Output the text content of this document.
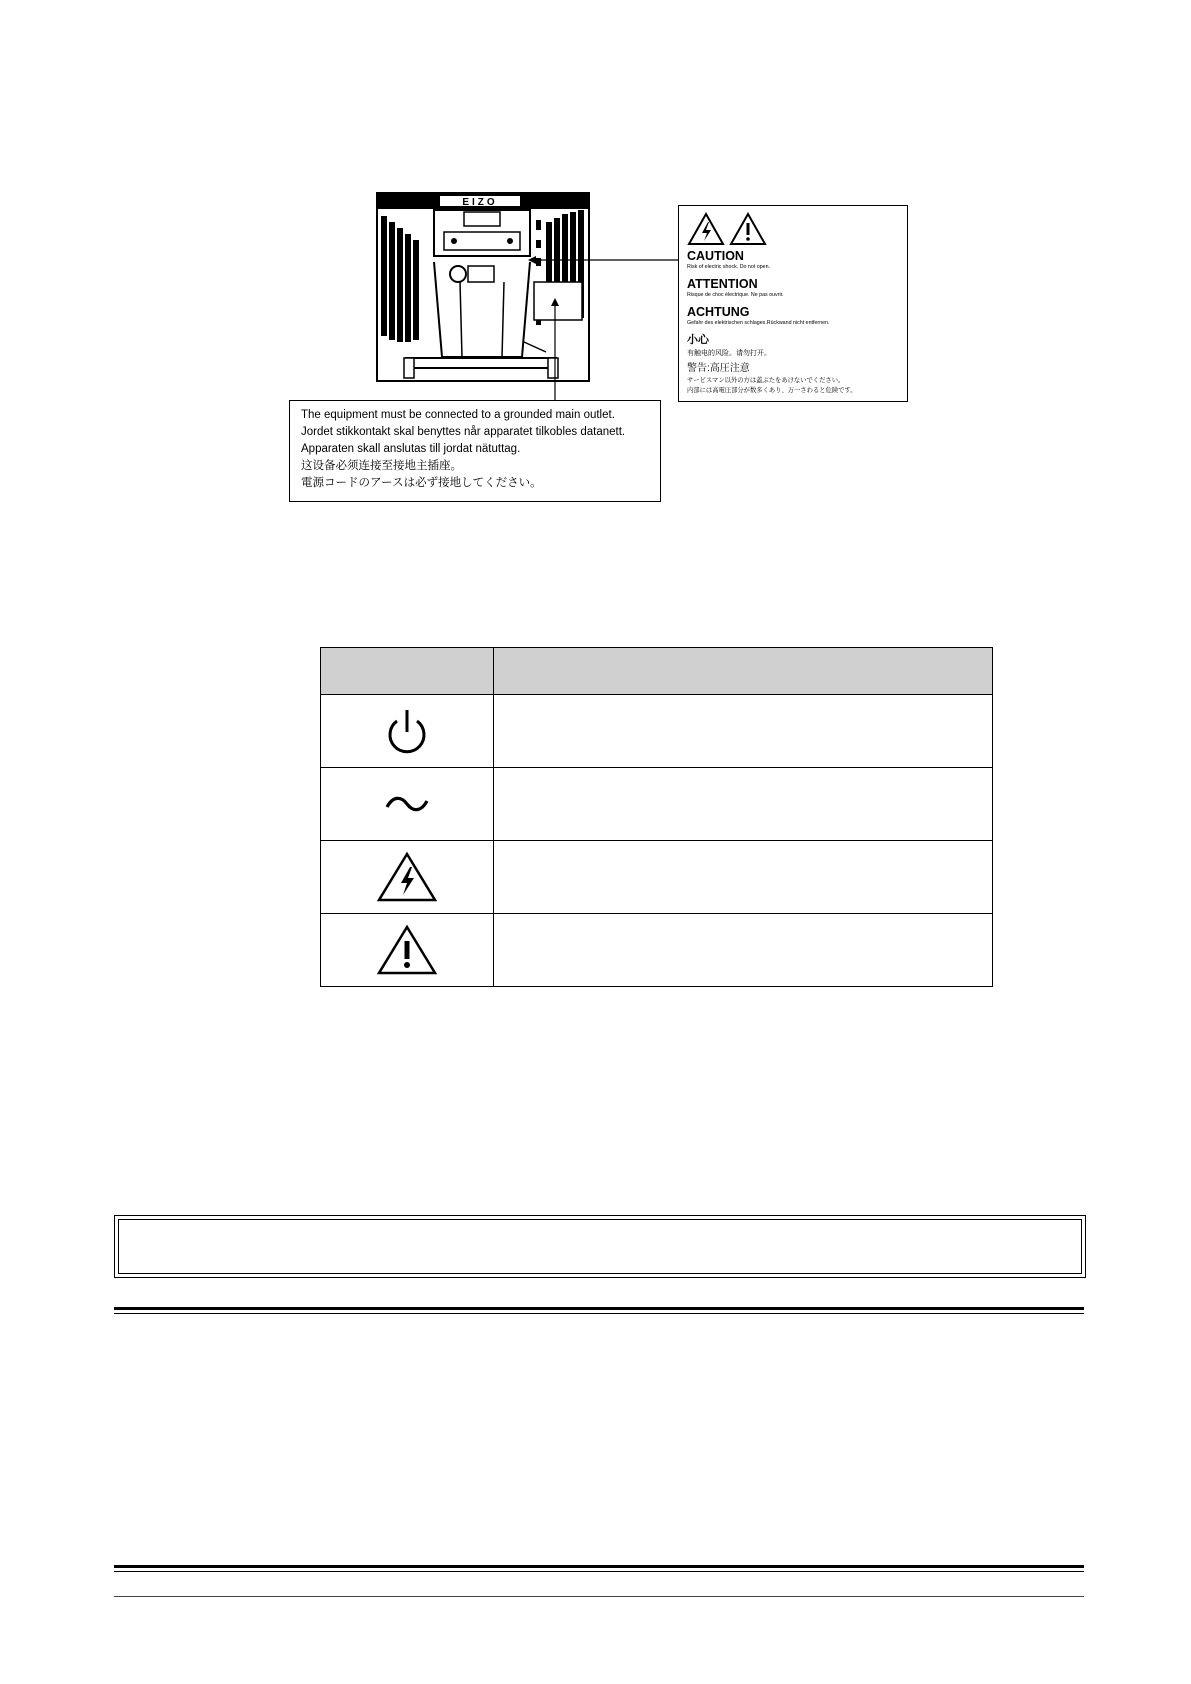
EIZO
CAUTION
Risk of electric shock. Do not open.
ATTENTION
Risque de choc électrique. Ne pas ouvrir.
ACHTUNG
Gefahr des elektrischen schlages.Rückwand nicht entfernen.
小心
有触电的风险。请勿打开。
警告:高圧注意
サービスマン以外の方は蓋ぶたをあけないでください。
内部には高電圧部分が数多くあり、万一さわると危険です。
The equipment must be connected to a grounded main outlet.
Jordet stikkontakt skal benyttes når apparatet tilkobles datanett.
Apparaten skall anslutas till jordat nätuttag.
这设备必须连接至接地主插座。
電源コードのアースは必ず接地してください。
